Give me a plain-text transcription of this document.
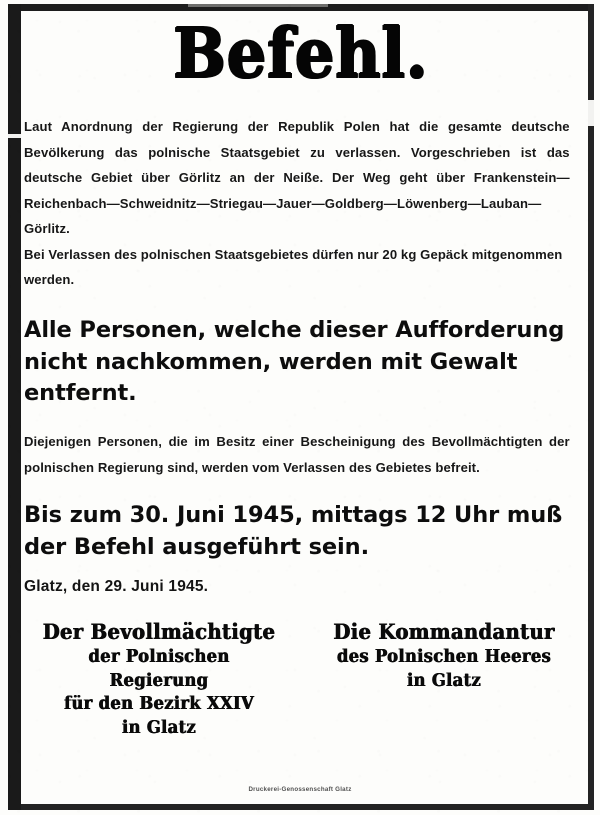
Befehl.

Laut Anordnung der Regierung der Republik Polen hat die gesamte deutsche Bevölkerung das polnische Staatsgebiet zu verlassen. Vorgeschrieben ist das deutsche Gebiet über Görlitz an der Neiße. Der Weg geht über Frankenstein—Reichenbach—Schweidnitz—Striegau—Jauer—Goldberg—Löwenberg—Lauban—Görlitz.

Bei Verlassen des polnischen Staatsgebietes dürfen nur 20 kg Gepäck mitgenommen werden.

Alle Personen, welche dieser Aufforderung nicht nachkommen, werden mit Gewalt entfernt.

Diejenigen Personen, die im Besitz einer Bescheinigung des Bevollmächtigten der polnischen Regierung sind, werden vom Verlassen des Gebietes befreit.

Bis zum 30. Juni 1945, mittags 12 Uhr muß der Befehl ausgeführt sein.

Glatz, den 29. Juni 1945.

Der Bevollmächtigte
der Polnischen Regierung
für den Bezirk XXIV
in Glatz
Die Kommandantur
des Polnischen Heeres
in Glatz
Druckerei-Genossenschaft Glatz
